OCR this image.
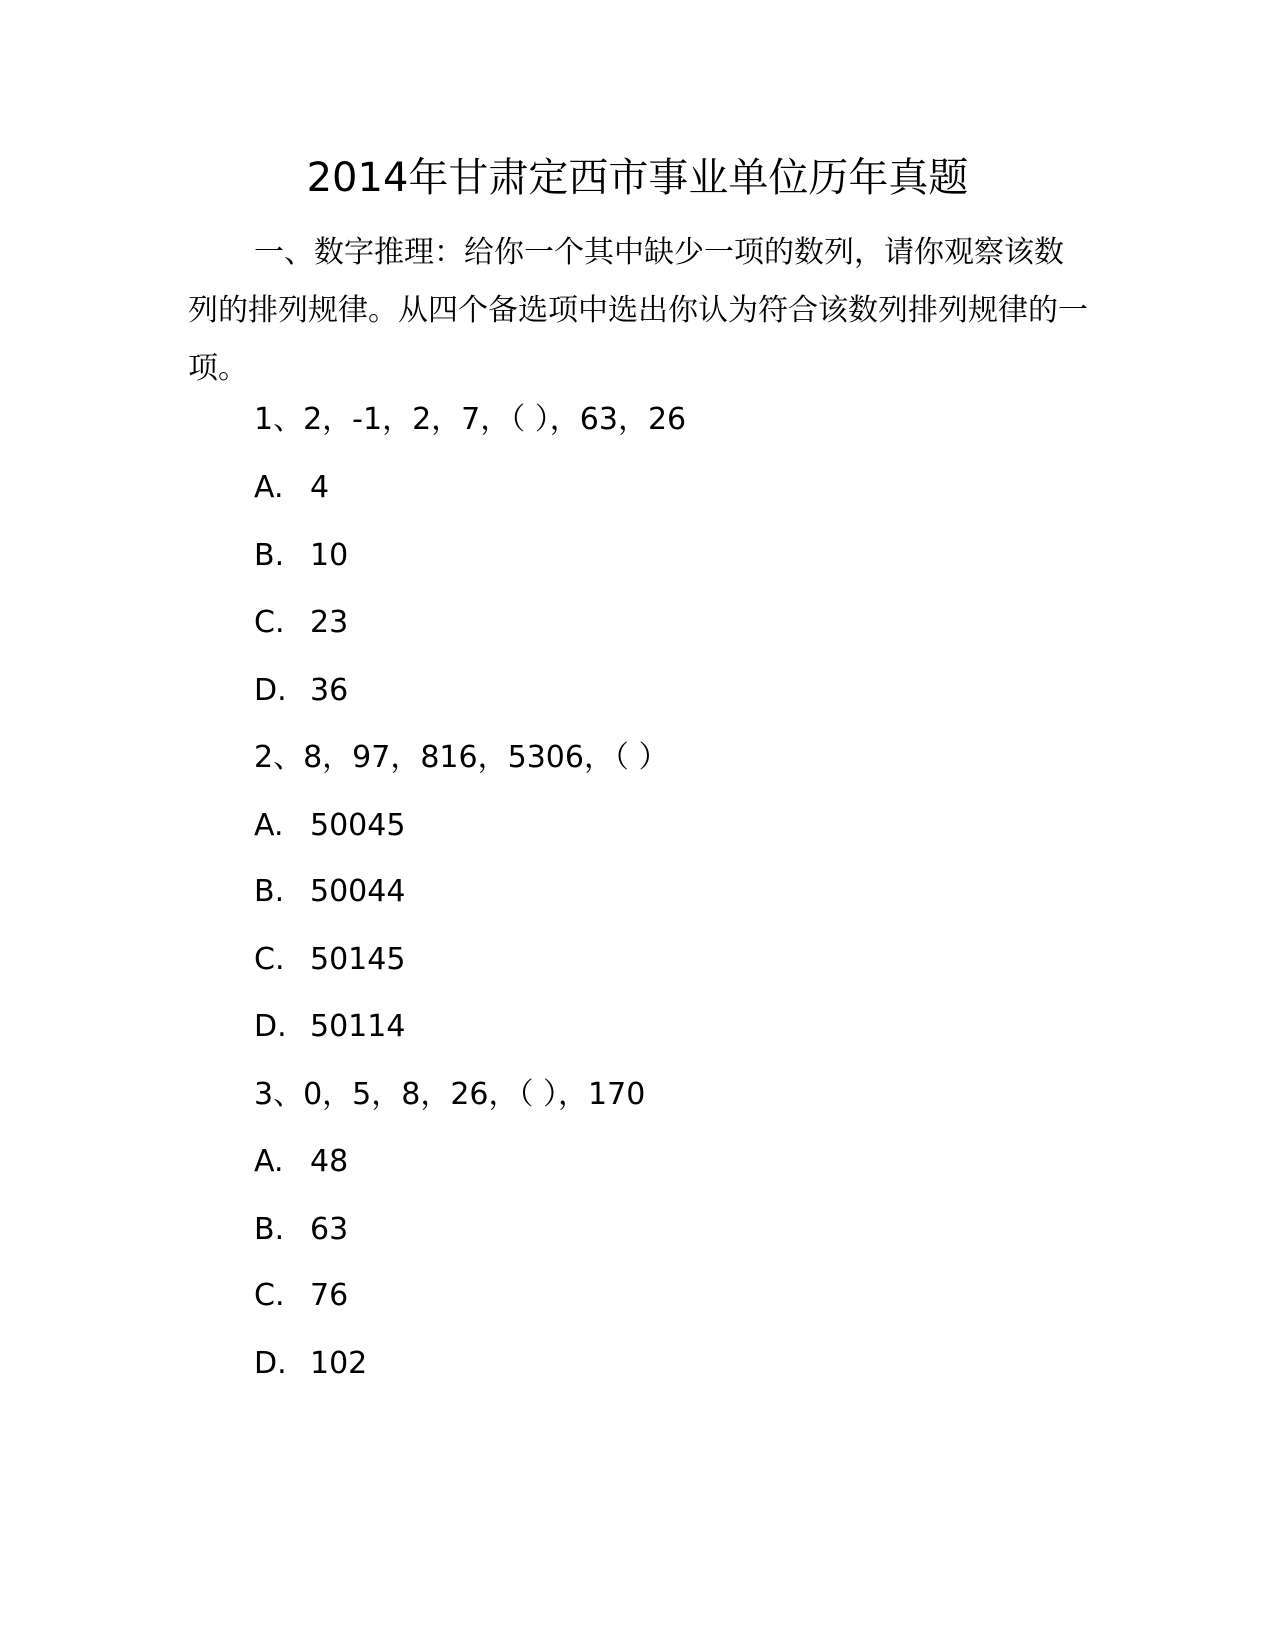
2014年甘肃定西市事业单位历年真题

一、数字推理：给你一个其中缺少一项的数列，请你观察该数列的排列规律。从四个备选项中选出你认为符合该数列排列规律的一项。

1、2，-1，2，7，（ ），63，26
A. 4
B. 10
C. 23
D. 36
2、8，97，816，5306，（ ）
A. 50045
B. 50044
C. 50145
D. 50114
3、0，5，8，26，（ ），170
A. 48
B. 63
C. 76
D. 102
